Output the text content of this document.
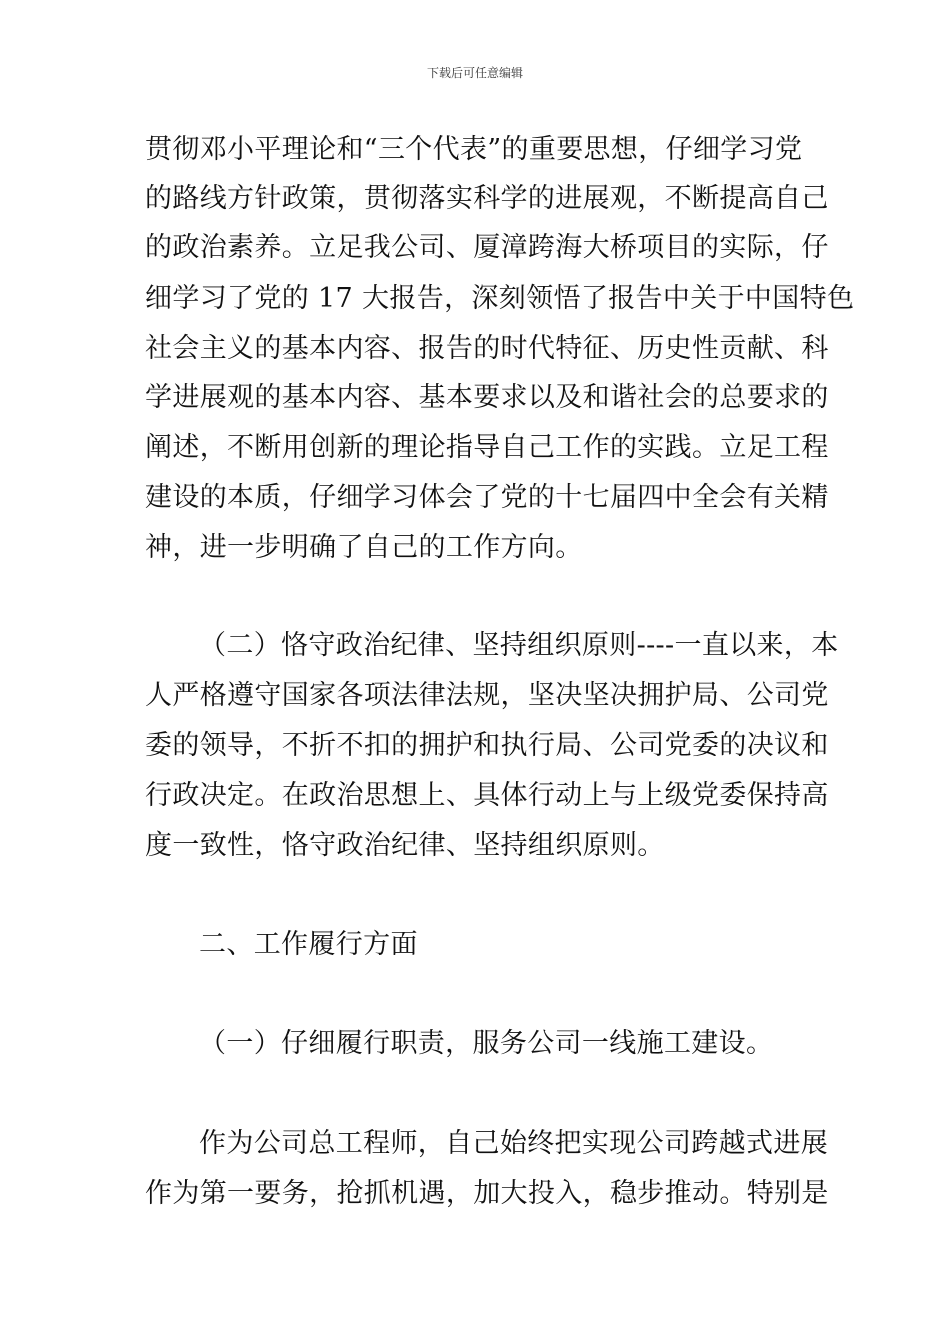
下载后可任意编辑
贯彻邓小平理论和“三个代表”的重要思想，仔细学习党
的路线方针政策，贯彻落实科学的进展观，不断提高自己
的政治素养。立足我公司、厦漳跨海大桥项目的实际，仔
细学习了党的 17 大报告，深刻领悟了报告中关于中国特色
社会主义的基本内容、报告的时代特征、历史性贡献、科
学进展观的基本内容、基本要求以及和谐社会的总要求的
阐述，不断用创新的理论指导自己工作的实践。立足工程
建设的本质，仔细学习体会了党的十七届四中全会有关精
神，进一步明确了自己的工作方向。
（二）恪守政治纪律、坚持组织原则----一直以来，本
人严格遵守国家各项法律法规，坚决坚决拥护局、公司党
委的领导，不折不扣的拥护和执行局、公司党委的决议和
行政决定。在政治思想上、具体行动上与上级党委保持高
度一致性，恪守政治纪律、坚持组织原则。
二、工作履行方面
（一）仔细履行职责，服务公司一线施工建设。
作为公司总工程师，自己始终把实现公司跨越式进展
作为第一要务，抢抓机遇，加大投入，稳步推动。特别是
